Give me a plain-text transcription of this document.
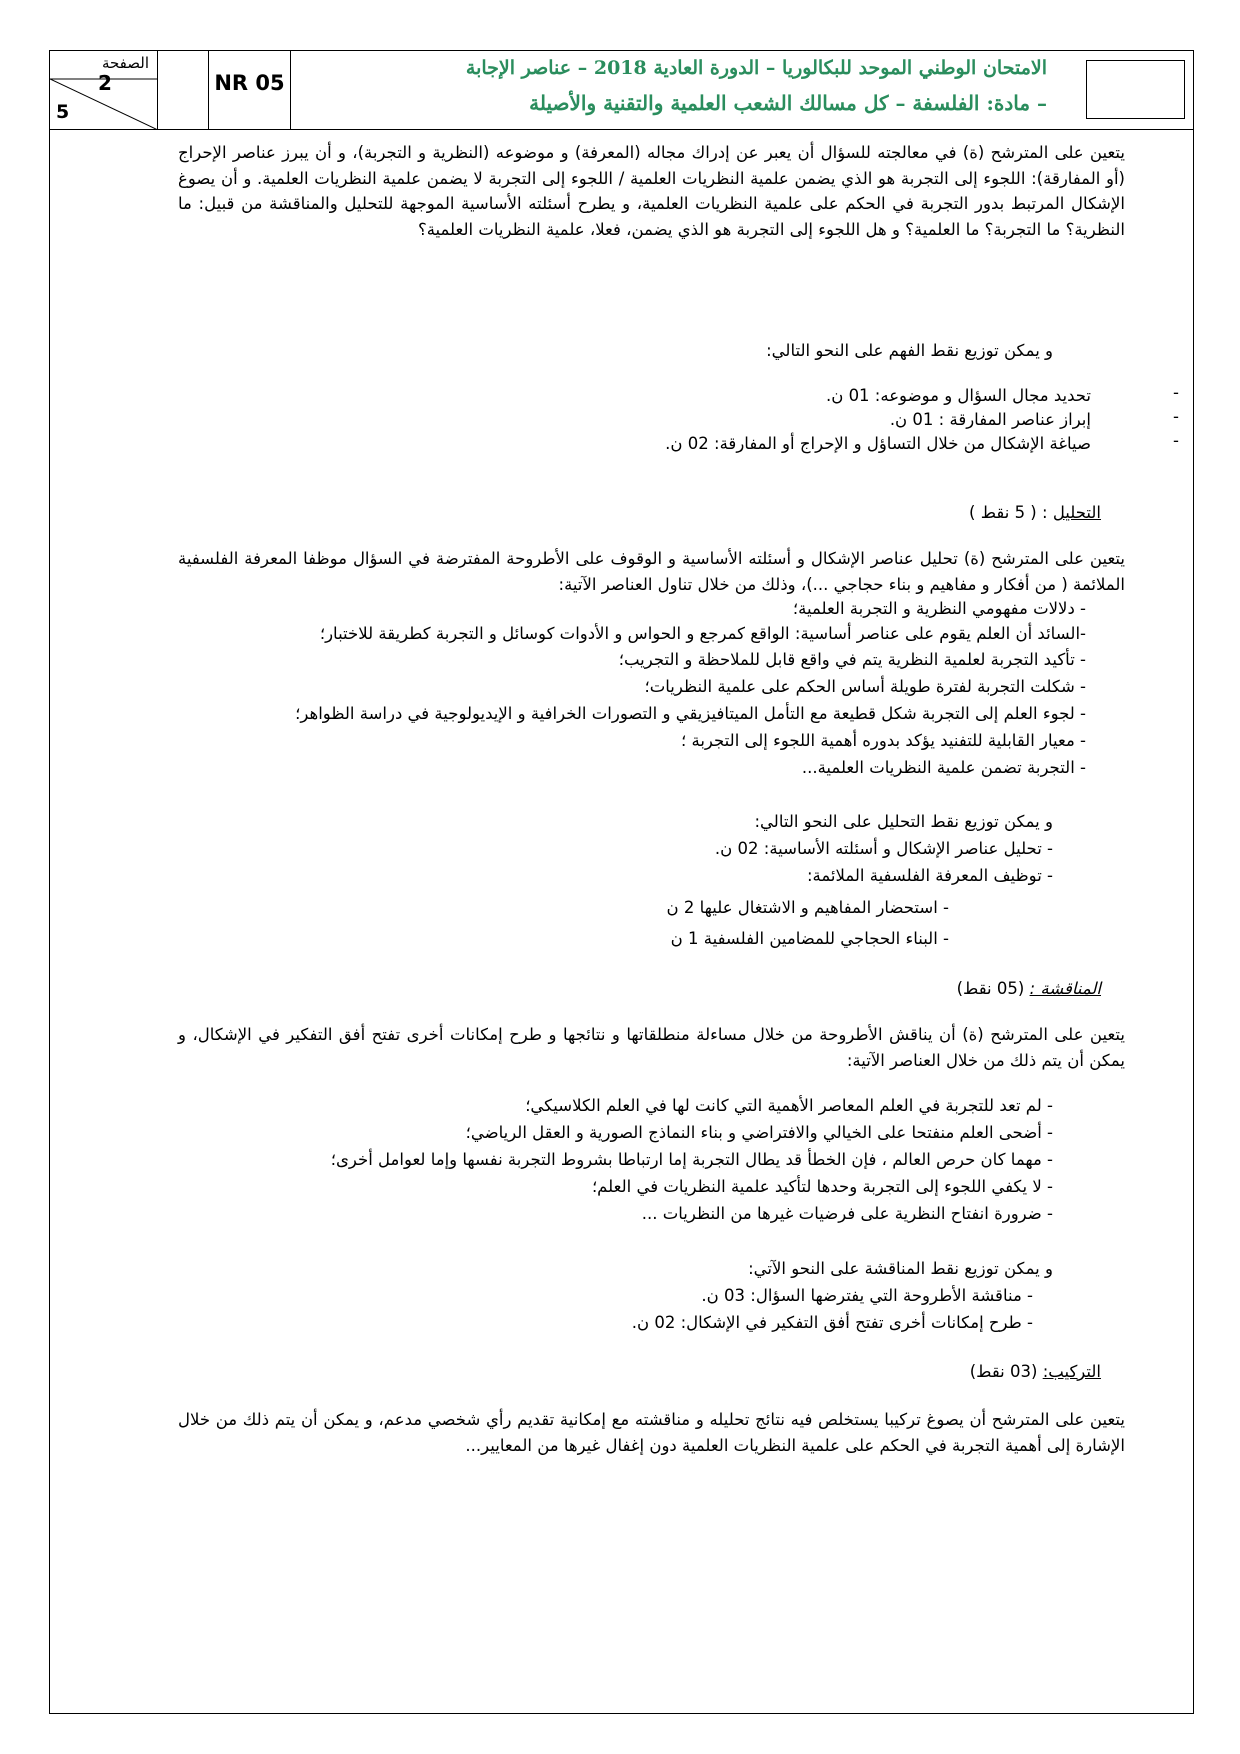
الصفحة
2
5
NR 05
الامتحان الوطني الموحد للبكالوريا – الدورة العادية 2018 – عناصر الإجابة
– مادة: الفلسفة – كل مسالك الشعب العلمية والتقنية والأصيلة
يتعين على المترشح (ة) في معالجته للسؤال أن يعبر عن إدراك مجاله (المعرفة) و موضوعه (النظرية و التجربة)، و أن يبرز عناصر الإحراج (أو المفارقة): اللجوء إلى التجربة هو الذي يضمن علمية النظريات العلمية / اللجوء إلى التجربة لا يضمن علمية النظريات العلمية. و أن يصوغ الإشكال المرتبط بدور التجربة في الحكم على علمية النظريات العلمية، و يطرح أسئلته الأساسية الموجهة للتحليل والمناقشة من قبيل: ما النظرية؟ ما التجربة؟ ما العلمية؟ و هل اللجوء إلى التجربة هو الذي يضمن، فعلا، علمية النظريات العلمية؟
و يمكن توزيع نقط الفهم على النحو التالي:
تحديد مجال السؤال و موضوعه: 01 ن.
إبراز عناصر المفارقة : 01 ن.
صياغة الإشكال من خلال التساؤل و الإحراج أو المفارقة: 02 ن.
-
-
-
التحليل : ( 5 نقط )
يتعين على المترشح (ة) تحليل عناصر الإشكال و أسئلته الأساسية و الوقوف على الأطروحة المفترضة في السؤال موظفا المعرفة الفلسفية الملائمة ( من أفكار و مفاهيم و بناء حجاجي ...)، وذلك من خلال تناول العناصر الآتية:
- دلالات مفهومي النظرية و التجربة العلمية؛
-السائد أن العلم يقوم على عناصر أساسية: الواقع كمرجع و الحواس و الأدوات كوسائل و التجربة كطريقة للاختبار؛
- تأكيد التجربة لعلمية النظرية يتم في واقع قابل للملاحظة و التجريب؛
- شكلت التجربة لفترة طويلة أساس الحكم على علمية النظريات؛
- لجوء العلم إلى التجربة شكل قطيعة مع التأمل الميتافيزيقي و التصورات الخرافية و الإيديولوجية في دراسة الظواهر؛
- معيار القابلية للتفنيد يؤكد بدوره أهمية اللجوء إلى التجربة ؛
- التجربة تضمن علمية النظريات العلمية...
و يمكن توزيع نقط التحليل على النحو التالي:
- تحليل عناصر الإشكال و أسئلته الأساسية: 02 ن.
- توظيف المعرفة الفلسفية الملائمة:
- استحضار المفاهيم و الاشتغال عليها 2 ن
- البناء الحجاجي للمضامين الفلسفية 1 ن
المناقشة : (05 نقط)
يتعين على المترشح (ة) أن يناقش الأطروحة من خلال مساءلة منطلقاتها و نتائجها و طرح إمكانات أخرى تفتح أفق التفكير في الإشكال، و يمكن أن يتم ذلك من خلال العناصر الآتية:
- لم تعد للتجربة في العلم المعاصر الأهمية التي كانت لها في العلم الكلاسيكي؛
- أضحى العلم منفتحا على الخيالي والافتراضي و بناء النماذج الصورية و العقل الرياضي؛
- مهما كان حرص العالم ، فإن الخطأ قد يطال التجربة إما ارتباطا بشروط التجربة نفسها وإما لعوامل أخرى؛
- لا يكفي اللجوء إلى التجربة وحدها لتأكيد علمية النظريات في العلم؛
- ضرورة انفتاح النظرية على فرضيات غيرها من النظريات ...
و يمكن توزيع نقط المناقشة على النحو الآتي:
- مناقشة الأطروحة التي يفترضها السؤال: 03 ن.
- طرح إمكانات أخرى تفتح أفق التفكير في الإشكال: 02 ن.
التركيب: (03 نقط)
يتعين على المترشح أن يصوغ تركيبا يستخلص فيه نتائج تحليله و مناقشته مع إمكانية تقديم رأي شخصي مدعم، و يمكن أن يتم ذلك من خلال الإشارة إلى أهمية التجربة في الحكم على علمية النظريات العلمية دون إغفال غيرها من المعايير...
